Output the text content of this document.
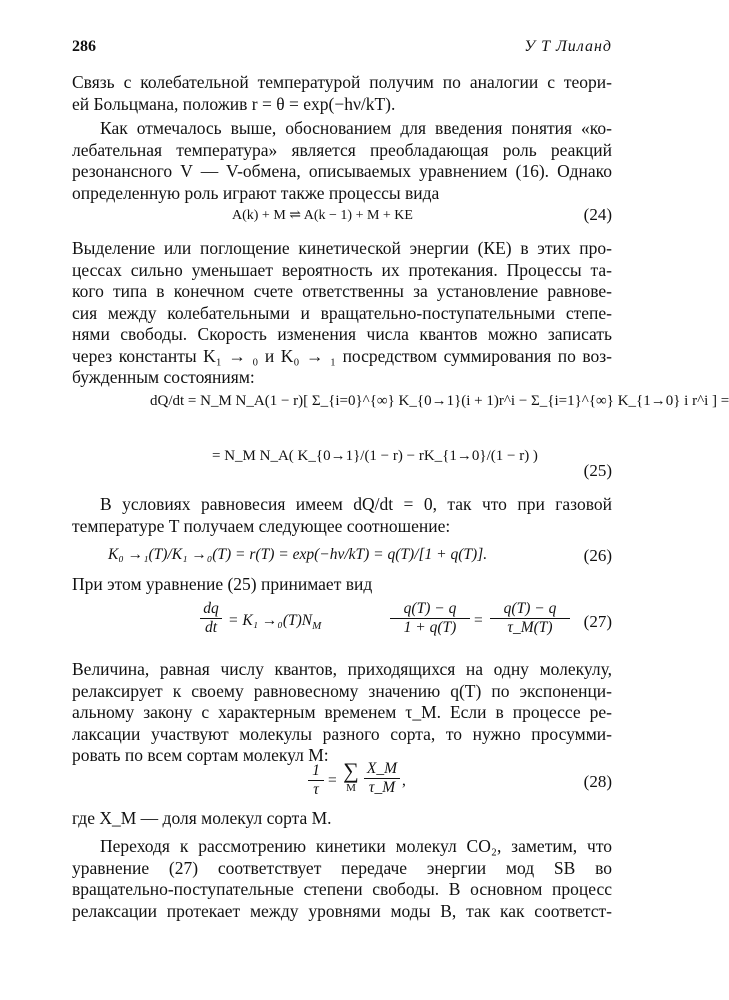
286	У Т Лиланд
Связь с колебательной температурой получим по аналогии с теори-
ей Больцмана, положив r = θ = exp(−hν/kT).
Как отмечалось выше, обоснованием для введения понятия «ко-
лебательная температура» является преобладающая роль реакций
резонансного V — V-обмена, описываемых уравнением (16). Однако
определенную роль играют также процессы вида
A(k) + M ⇌ A(k − 1) + M + KE	(24)
Выделение или поглощение кинетической энергии (КЕ) в этих про-
цессах сильно уменьшает вероятность их протекания. Процессы та-
кого типа в конечном счете ответственны за установление равнове-
сия между колебательными и вращательно-поступательными степе-
нями свободы. Скорость изменения числа квантов можно записать
через константы K₁ → ₀ и K₀ → ₁ посредством суммирования по воз-
бужденным состояниям:
dQ/dt = N_M N_A(1 − r)[ Σ_{i=0}^{∞} K_{0→1}(i + 1)r^i − Σ_{i=1}^{∞} K_{1→0} i r^i ] =
= N_M N_A( K_{0→1}/(1 − r) − rK_{1→0}/(1 − r) )
(25)
В условиях равновесия имеем dQ/dt = 0, так что при газовой
температуре T получаем следующее соотношение:
K₀ →₁(T)/K₁ →₀(T) = r(T) = exp(−hν/kT) = q(T)/[1 + q(T)].	(26)
При этом уравнение (25) принимает вид
$\frac{dq}{dt} = K_1 \to_0(T)N_M$	$\frac{q(T) - q}{1 + q(T)} = \frac{q(T) - q}{\tau\_M(T)} (27)$
Величина, равная числу квантов, приходящихся на одну молекулу,
релаксирует к своему равновесному значению q(T) по экспоненци-
альному закону с характерным временем τ_M. Если в процессе ре-
лаксации участвуют молекулы разного сорта, то нужно просумми-
ровать по всем сортам молекул M:
$\frac{1}{\tau}$ = ∑
M $\frac{X\_M}{\tau\_M}$ ,	(28)
где X_M — доля молекул сорта M.
Переходя к рассмотрению кинетики молекул CO₂, заметим, что
уравнение (27) соответствует передаче энергии мод SB во
вращательно-поступательные степени свободы. В основном процесс
релаксации протекает между уровнями моды B, так как соответст-
